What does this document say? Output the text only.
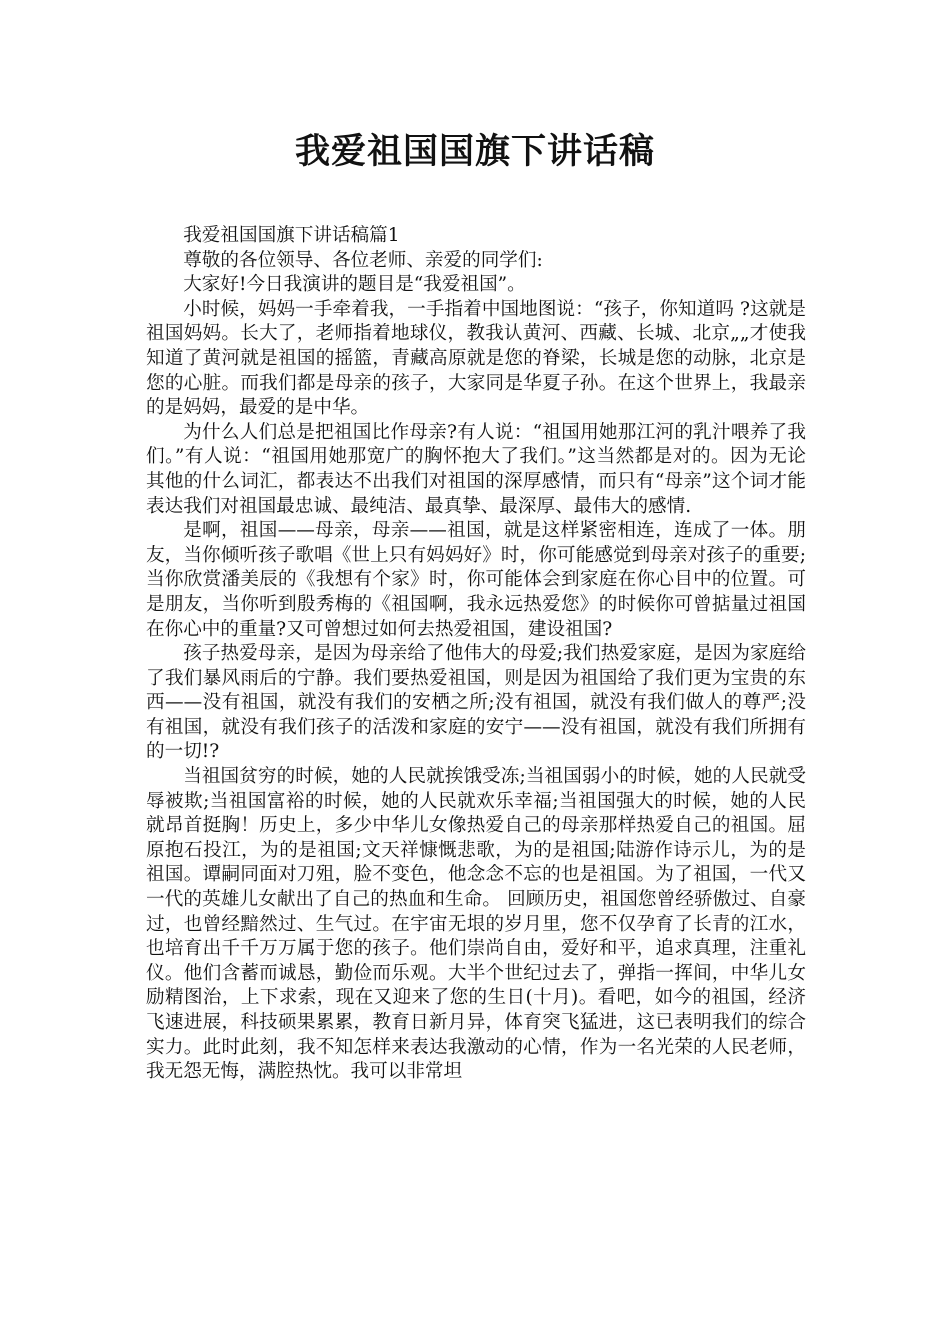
我爱祖国国旗下讲话稿

我爱祖国国旗下讲话稿篇1

尊敬的各位领导、各位老师、亲爱的同学们:

大家好!今日我演讲的题目是“我爱祖国”。

小时候，妈妈一手牵着我，一手指着中国地图说：“孩子，你知道吗 ?这就是祖国妈妈。长大了，老师指着地球仪，教我认黄河、西藏、长城、北京„„才使我知道了黄河就是祖国的摇篮，青藏高原就是您的脊梁，长城是您的动脉，北京是您的心脏。而我们都是母亲的孩子，大家同是华夏子孙。在这个世界上，我最亲的是妈妈，最爱的是中华。

为什么人们总是把祖国比作母亲?有人说：“祖国用她那江河的乳汁喂养了我们。”有人说：“祖国用她那宽广的胸怀抱大了我们。”这当然都是对的。因为无论其他的什么词汇，都表达不出我们对祖国的深厚感情，而只有“母亲”这个词才能表达我们对祖国最忠诚、最纯洁、最真挚、最深厚、最伟大的感情.

是啊，祖国——母亲，母亲——祖国，就是这样紧密相连，连成了一体。朋友，当你倾听孩子歌唱《世上只有妈妈好》时，你可能感觉到母亲对孩子的重要;当你欣赏潘美辰的《我想有个家》时，你可能体会到家庭在你心目中的位置。可是朋友，当你听到殷秀梅的《祖国啊，我永远热爱您》的时候你可曾掂量过祖国在你心中的重量?又可曾想过如何去热爱祖国，建设祖国?

孩子热爱母亲，是因为母亲给了他伟大的母爱;我们热爱家庭，是因为家庭给了我们暴风雨后的宁静。我们要热爱祖国，则是因为祖国给了我们更为宝贵的东西——没有祖国，就没有我们的安栖之所;没有祖国，就没有我们做人的尊严;没有祖国，就没有我们孩子的活泼和家庭的安宁——没有祖国，就没有我们所拥有的一切!?

当祖国贫穷的时候，她的人民就挨饿受冻;当祖国弱小的时候，她的人民就受辱被欺;当祖国富裕的时候，她的人民就欢乐幸福;当祖国强大的时候，她的人民就昂首挺胸！历史上，多少中华儿女像热爱自己的母亲那样热爱自己的祖国。屈原抱石投江，为的是祖国;文天祥慷慨悲歌，为的是祖国;陆游作诗示儿，为的是祖国。谭嗣同面对刀殂，脸不变色，他念念不忘的也是祖国。为了祖国，一代又一代的英雄儿女献出了自己的热血和生命。 回顾历史，祖国您曾经骄傲过、自豪过，也曾经黯然过、生气过。在宇宙无垠的岁月里，您不仅孕育了长青的江水，也培育出千千万万属于您的孩子。他们崇尚自由，爱好和平，追求真理，注重礼仪。他们含蓄而诚恳，勤俭而乐观。大半个世纪过去了，弹指一挥间，中华儿女励精图治，上下求索，现在又迎来了您的生日(十月)。看吧，如今的祖国，经济飞速进展，科技硕果累累，教育日新月异，体育突飞猛进，这已表明我们的综合实力。此时此刻，我不知怎样来表达我激动的心情，作为一名光荣的人民老师，我无怨无悔，满腔热忱。我可以非常坦
